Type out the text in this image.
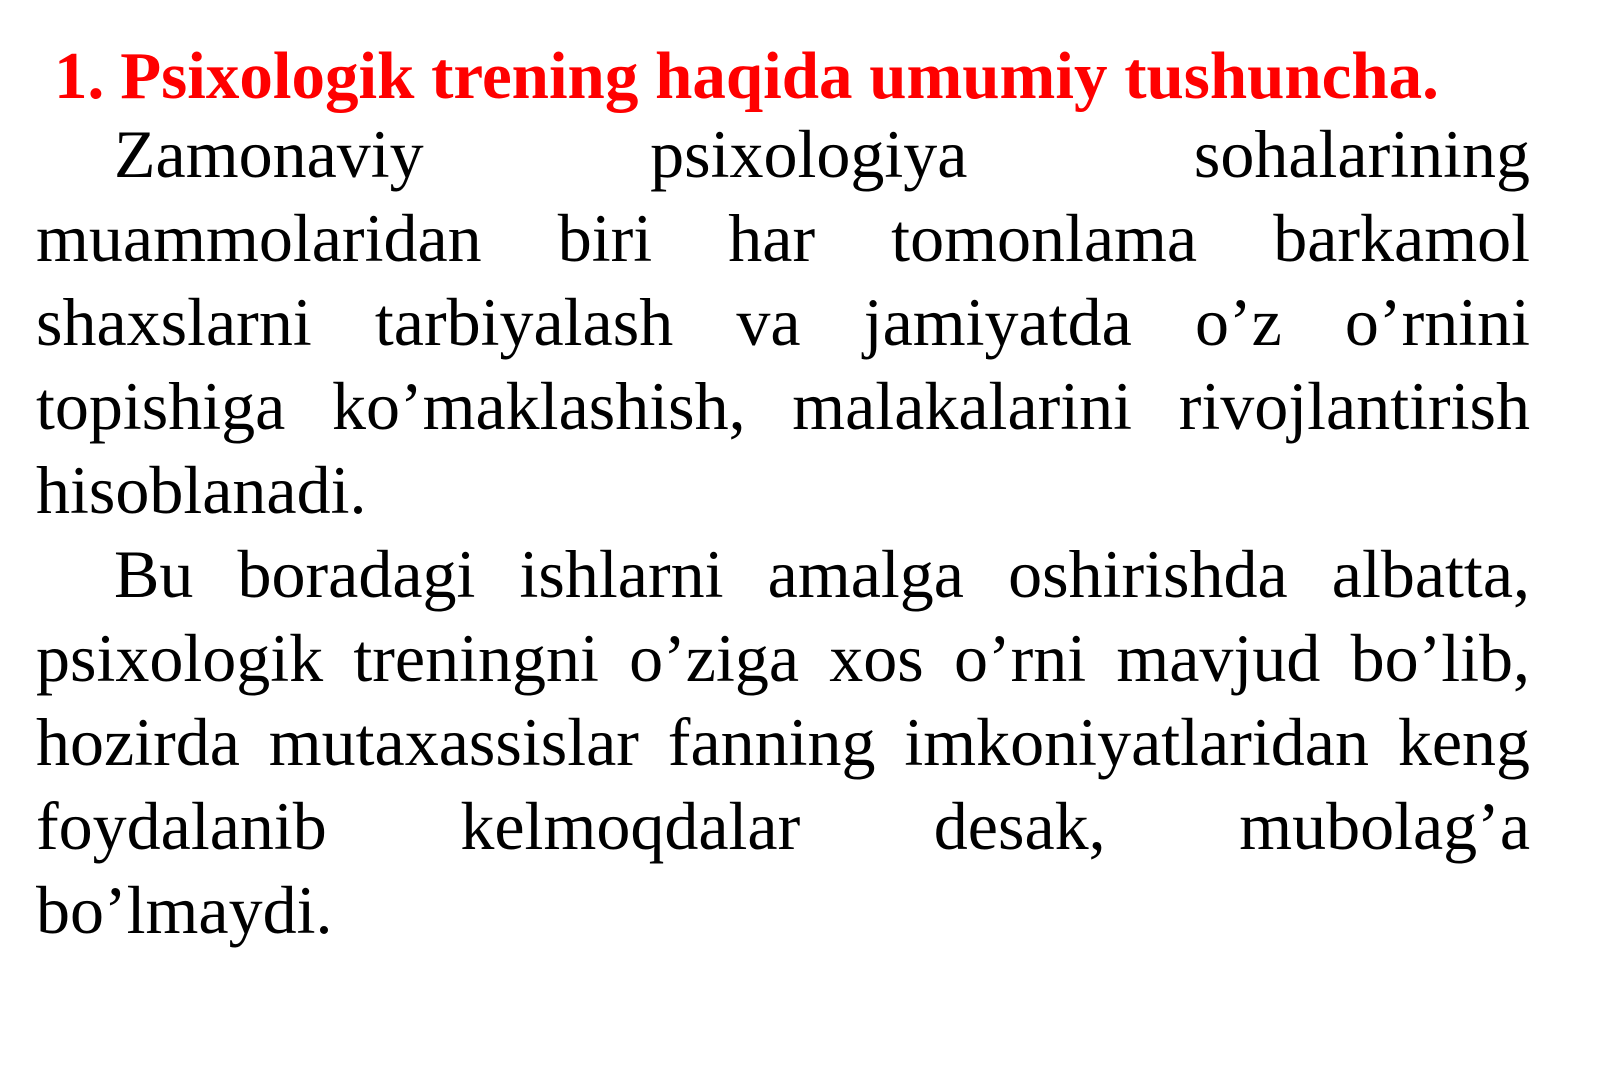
1. Psixologik trening haqida umumiy tushuncha.
Zamonaviy psixologiya sohalarining
muammolaridan biri har tomonlama barkamol
shaxslarni tarbiyalash va jamiyatda o’z o’rnini
topishiga ko’maklashish, malakalarini rivojlantirish
hisoblanadi.
Bu boradagi ishlarni amalga oshirishda albatta,
psixologik treningni o’ziga xos o’rni mavjud bo’lib,
hozirda mutaxassislar fanning imkoniyatlaridan keng
foydalanib kelmoqdalar desak, mubolag’a
bo’lmaydi.
